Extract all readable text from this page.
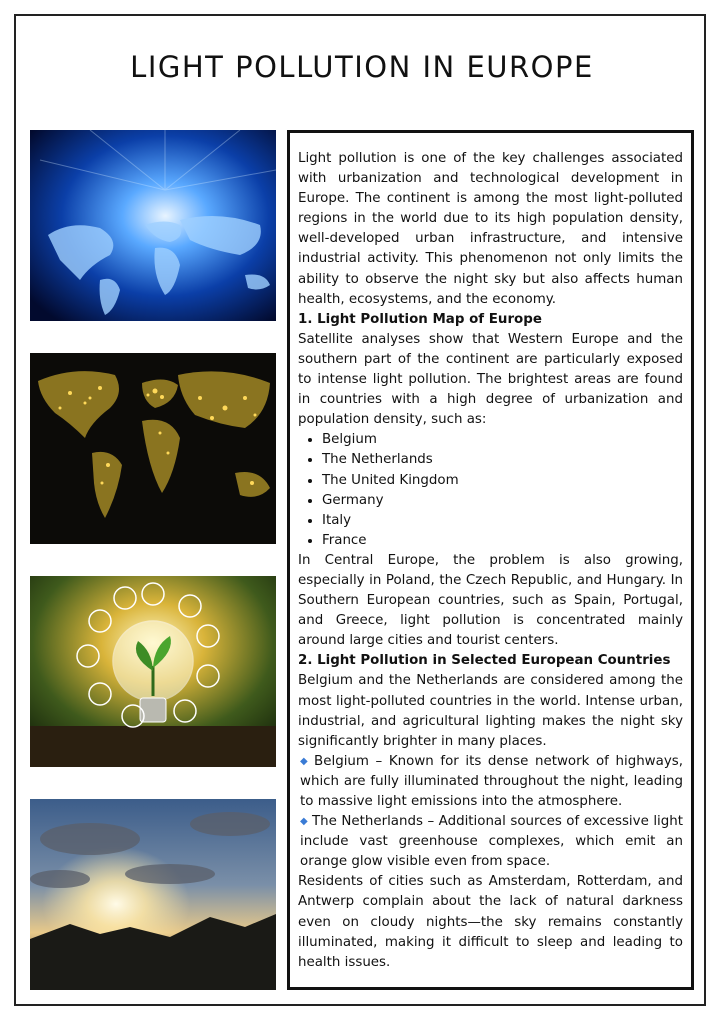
LIGHT POLLUTION IN EUROPE

Light pollution is one of the key challenges associated with urbanization and technological development in Europe. The continent is among the most light-polluted regions in the world due to its high population density, well-developed urban infrastructure, and intensive industrial activity. This phenomenon not only limits the ability to observe the night sky but also affects human health, ecosystems, and the economy.

1. Light Pollution Map of Europe

Satellite analyses show that Western Europe and the southern part of the continent are particularly exposed to intense light pollution. The brightest areas are found in countries with a high degree of urbanization and population density, such as:

• Belgium
• The Netherlands
• The United Kingdom
• Germany
• Italy
• France

In Central Europe, the problem is also growing, especially in Poland, the Czech Republic, and Hungary. In Southern European countries, such as Spain, Portugal, and Greece, light pollution is concentrated mainly around large cities and tourist centers.

2. Light Pollution in Selected European Countries

Belgium and the Netherlands are considered among the most light-polluted countries in the world. Intense urban, industrial, and agricultural lighting makes the night sky significantly brighter in many places.

◆ Belgium – Known for its dense network of highways, which are fully illuminated throughout the night, leading to massive light emissions into the atmosphere.

◆ The Netherlands – Additional sources of excessive light include vast greenhouse complexes, which emit an orange glow visible even from space.

Residents of cities such as Amsterdam, Rotterdam, and Antwerp complain about the lack of natural darkness even on cloudy nights—the sky remains constantly illuminated, making it difficult to sleep and leading to health issues.
